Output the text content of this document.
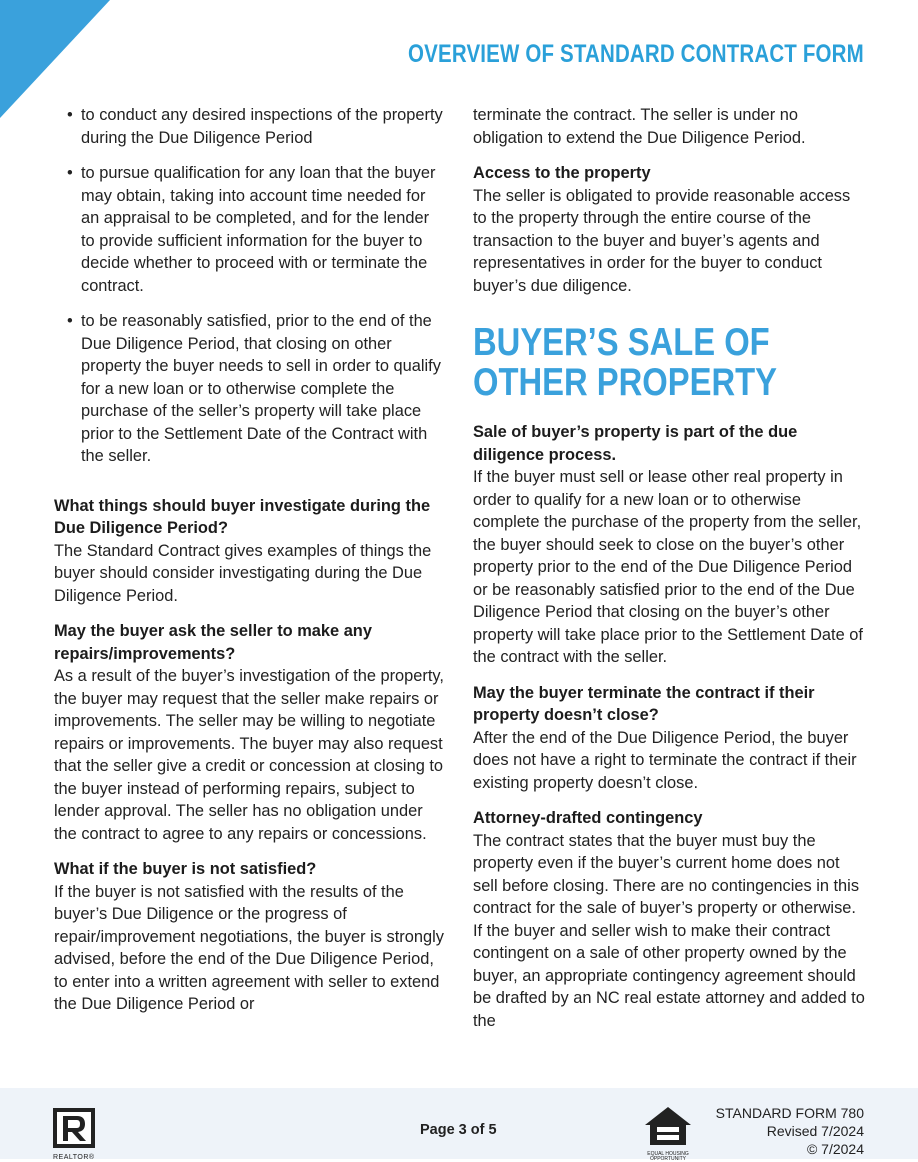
OVERVIEW OF STANDARD CONTRACT FORM
• to conduct any desired inspections of the property during the Due Diligence Period
• to pursue qualification for any loan that the buyer may obtain, taking into account time needed for an appraisal to be completed, and for the lender to provide sufficient information for the buyer to decide whether to proceed with or terminate the contract.
• to be reasonably satisfied, prior to the end of the Due Diligence Period, that closing on other property the buyer needs to sell in order to qualify for a new loan or to otherwise complete the purchase of the seller’s property will take place prior to the Settlement Date of the Contract with the seller.

What things should buyer investigate during the Due Diligence Period?

The Standard Contract gives examples of things the buyer should consider investigating during the Due Diligence Period.

May the buyer ask the seller to make any repairs/improvements?

As a result of the buyer’s investigation of the property, the buyer may request that the seller make repairs or improvements. The seller may be willing to negotiate repairs or improvements. The buyer may also request that the seller give a credit or concession at closing to the buyer instead of performing repairs, subject to lender approval. The seller has no obligation under the contract to agree to any repairs or concessions.

What if the buyer is not satisfied?

If the buyer is not satisfied with the results of the buyer’s Due Diligence or the progress of repair/improvement negotiations, the buyer is strongly advised, before the end of the Due Diligence Period, to enter into a written agreement with seller to extend the Due Diligence Period or

terminate the contract. The seller is under no obligation to extend the Due Diligence Period.

Access to the property

The seller is obligated to provide reasonable access to the property through the entire course of the transaction to the buyer and buyer’s agents and representatives in order for the buyer to conduct buyer’s due diligence.

BUYER’S SALE OF
OTHER PROPERTY

Sale of buyer’s property is part of the due diligence process.

If the buyer must sell or lease other real property in order to qualify for a new loan or to otherwise complete the purchase of the property from the seller, the buyer should seek to close on the buyer’s other property prior to the end of the Due Diligence Period or be reasonably satisfied prior to the end of the Due Diligence Period that closing on the buyer’s other property will take place prior to the Settlement Date of the contract with the seller.

May the buyer terminate the contract if their property doesn’t close?

After the end of the Due Diligence Period, the buyer does not have a right to terminate the contract if their existing property doesn’t close.

Attorney-drafted contingency

The contract states that the buyer must buy the property even if the buyer’s current home does not sell before closing. There are no contingencies in this contract for the sale of buyer’s property or otherwise. If the buyer and seller wish to make their contract contingent on a sale of other property owned by the buyer, an appropriate contingency agreement should be drafted by an NC real estate attorney and added to the

REALTOR®
Page 3 of 5
EQUAL HOUSING OPPORTUNITY
STANDARD FORM 780
Revised 7/2024
© 7/2024
